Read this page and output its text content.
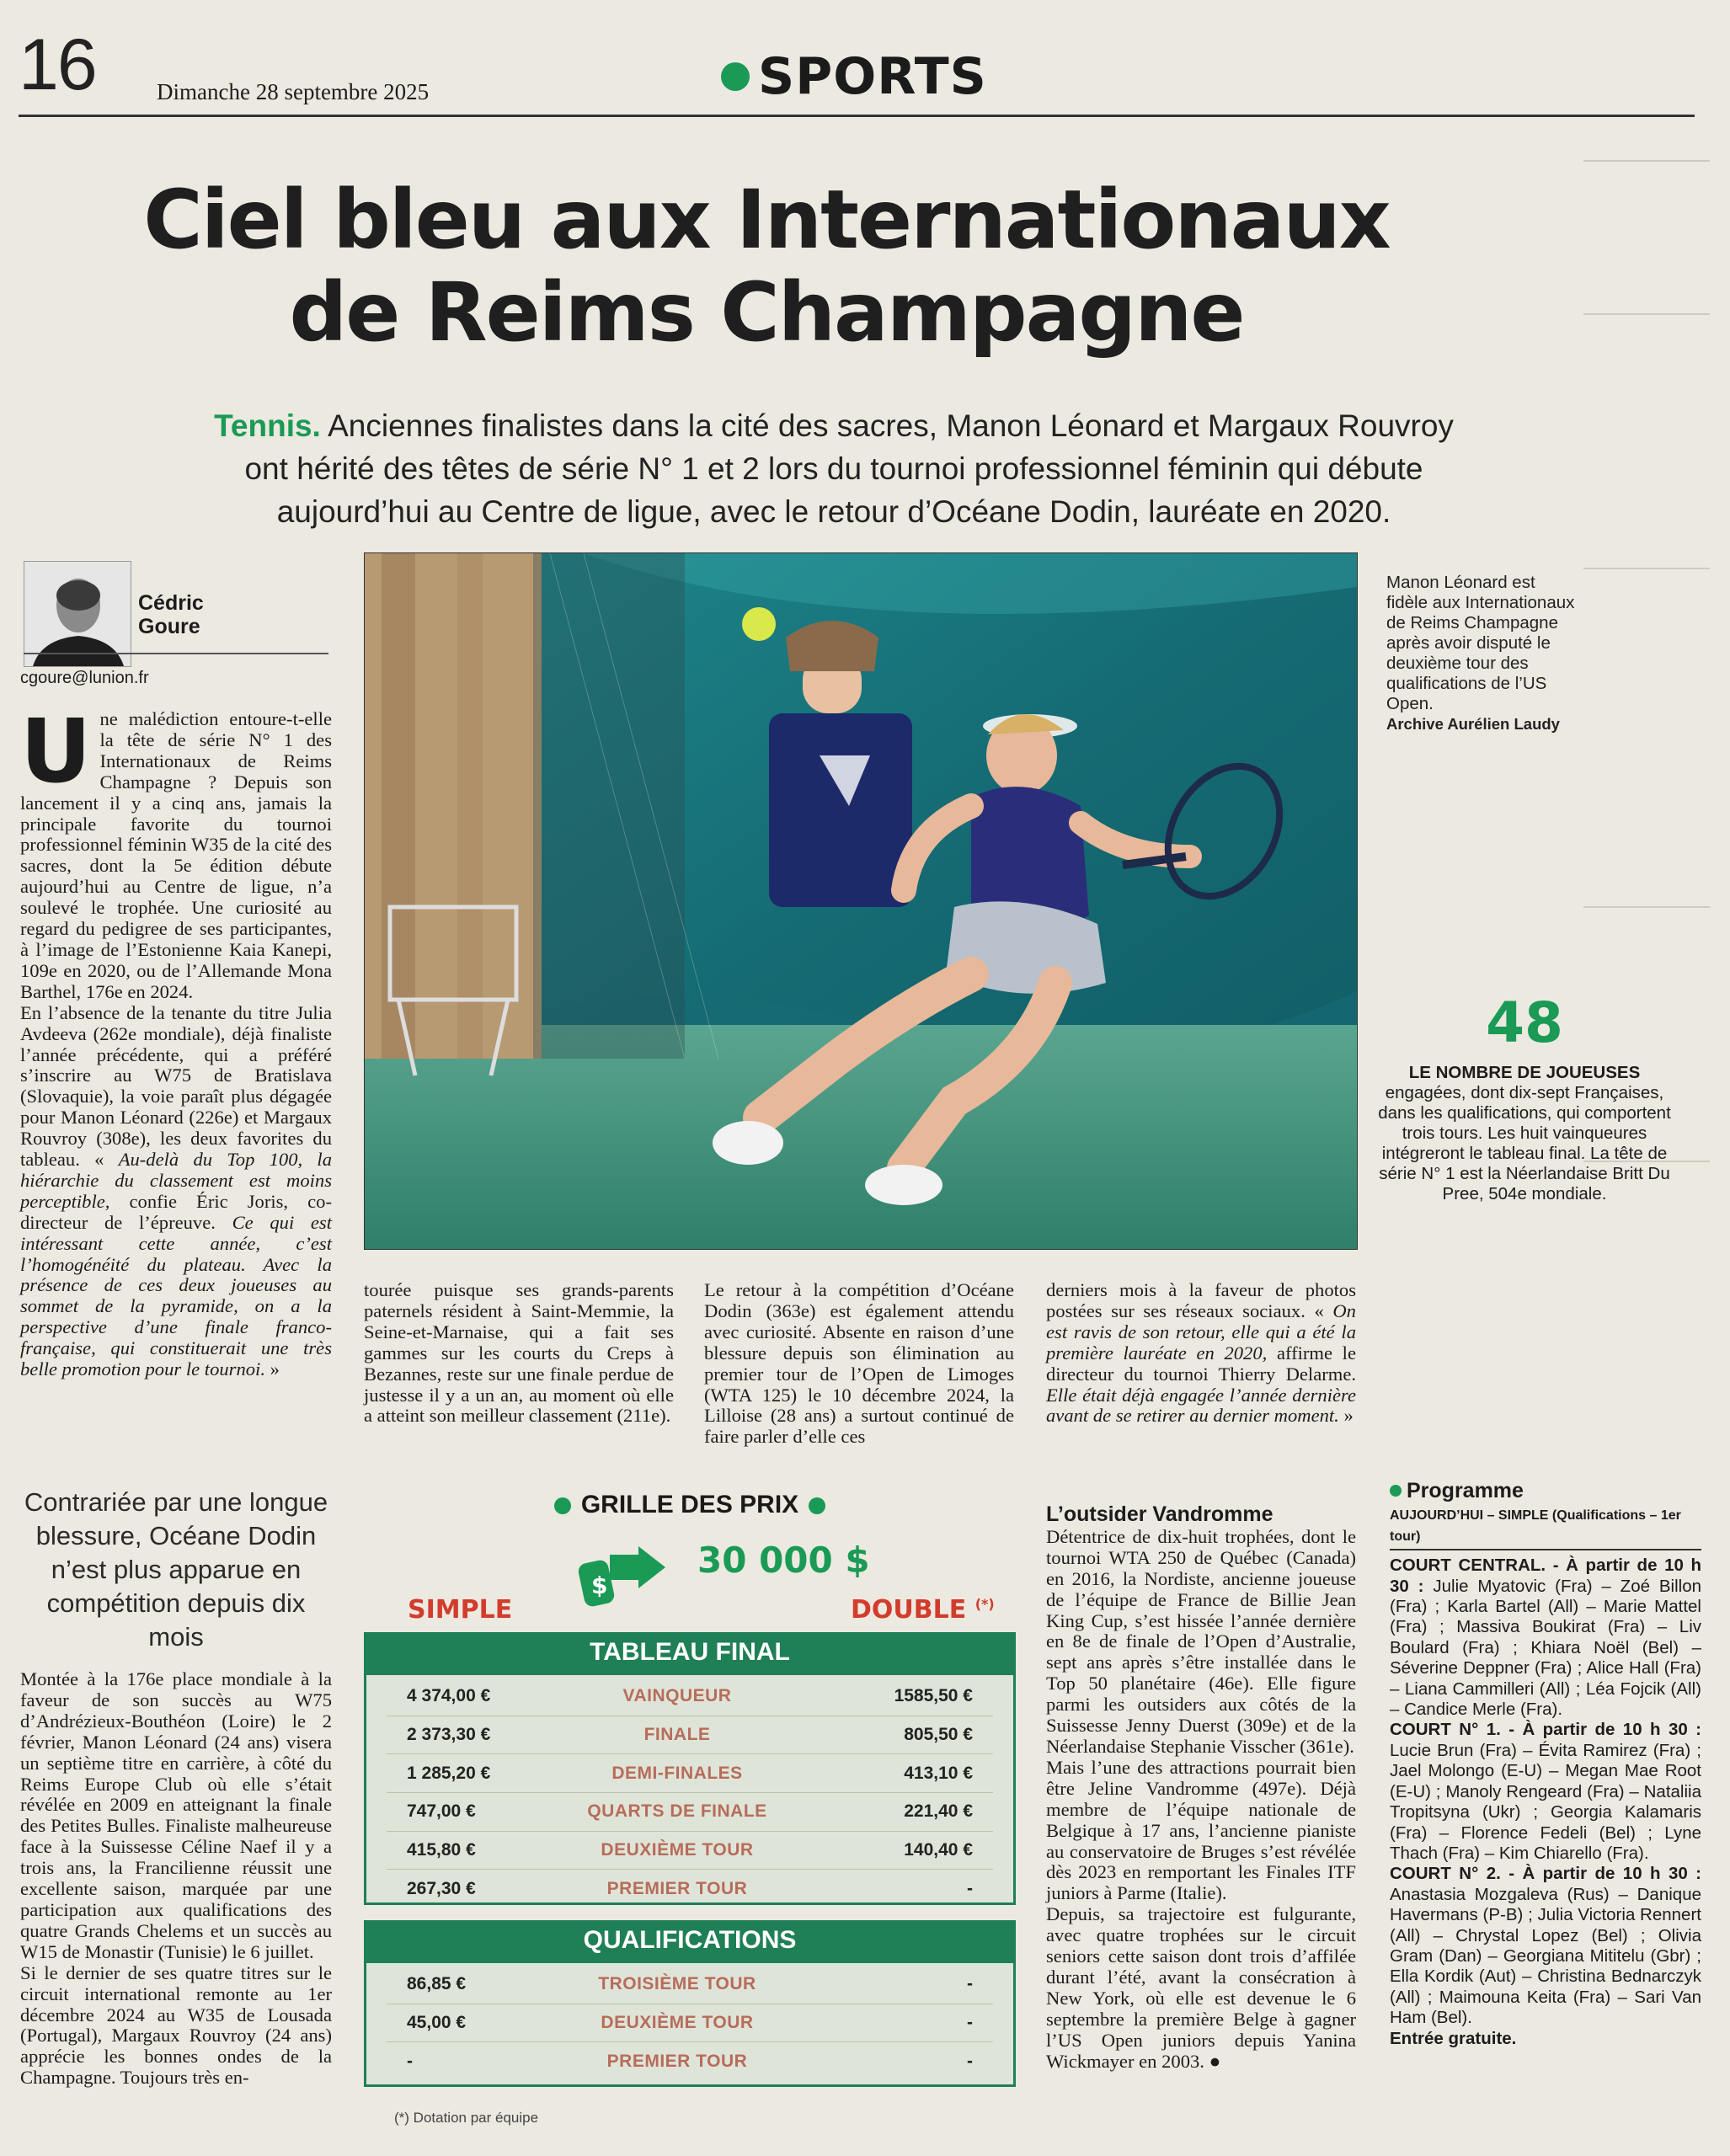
16	Dimanche 28 septembre 2025	SPORTS
Ciel bleu aux Internationaux
de Reims Champagne
Tennis. Anciennes finalistes dans la cité des sacres, Manon Léonard et Margaux Rouvroy ont hérité des têtes de série N° 1 et 2 lors du tournoi professionnel féminin qui débute aujourd’hui au Centre de ligue, avec le retour d’Océane Dodin, lauréate en 2020.
Cédric
Goure
cgoure@lunion.fr
U ne malédiction entoure-t-elle la tête de série N° 1 des Internationaux de Reims Champagne ? Depuis son lancement il y a cinq ans, jamais la principale favorite du tournoi professionnel féminin W35 de la cité des sacres, dont la 5e édition débute aujourd’hui au Centre de ligue, n’a soulevé le trophée. Une curiosité au regard du pedigree de ses participantes, à l’image de l’Estonienne Kaia Kanepi, 109e en 2020, ou de l’Allemande Mona Barthel, 176e en 2024.

En l’absence de la tenante du titre Julia Avdeeva (262e mondiale), déjà finaliste l’année précédente, qui a préféré s’inscrire au W75 de Bratislava (Slovaquie), la voie paraît plus dégagée pour Manon Léonard (226e) et Margaux Rouvroy (308e), les deux favorites du tableau. « Au-delà du Top 100, la hiérarchie du classement est moins perceptible, confie Éric Joris, co-directeur de l’épreuve. Ce qui est intéressant cette année, c’est l’homogénéité du plateau. Avec la présence de ces deux joueuses au sommet de la pyramide, on a la perspective d’une finale franco-française, qui constituerait une très belle promotion pour le tournoi. »

Contrariée par une longue blessure, Océane Dodin n’est plus apparue en compétition depuis dix mois

Montée à la 176e place mondiale à la faveur de son succès au W75 d’Andrézieux-Bouthéon (Loire) le 2 février, Manon Léonard (24 ans) visera un septième titre en carrière, à côté du Reims Europe Club où elle s’était révélée en 2009 en atteignant la finale des Petites Bulles. Finaliste malheureuse face à la Suissesse Céline Naef il y a trois ans, la Francilienne réussit une excellente saison, marquée par une participation aux qualifications des quatre Grands Chelems et un succès au W15 de Monastir (Tunisie) le 6 juillet.

Si le dernier de ses quatre titres sur le circuit international remonte au 1er décembre 2024 au W35 de Lousada (Portugal), Margaux Rouvroy (24 ans) apprécie les bonnes ondes de la Champagne. Toujours très en-

Manon Léonard est fidèle aux Internationaux de Reims Champagne après avoir disputé le deuxième tour des qualifications de l’US Open.
Archive Aurélien Laudy
48
LE NOMBRE DE JOUEUSES
engagées, dont dix-sept Françaises, dans les qualifications, qui comportent trois tours. Les huit vainqueures intégreront le tableau final. La tête de série N° 1 est la Néerlandaise Britt Du Pree, 504e mondiale.

tourée puisque ses grands-parents paternels résident à Saint-Memmie, la Seine-et-Marnaise, qui a fait ses gammes sur les courts du Creps à Bezannes, reste sur une finale perdue de justesse il y a un an, au moment où elle a atteint son meilleur classement (211e).

Le retour à la compétition d’Océane Dodin (363e) est également attendu avec curiosité. Absente en raison d’une blessure depuis son élimination au premier tour de l’Open de Limoges (WTA 125) le 10 décembre 2024, la Lilloise (28 ans) a surtout continué de faire parler d’elle ces

derniers mois à la faveur de photos postées sur ses réseaux sociaux. « On est ravis de son retour, elle qui a été la première lauréate en 2020, affirme le directeur du tournoi Thierry Delarme. Elle était déjà engagée l’année dernière avant de se retirer au dernier moment. »

L’outsider Vandromme

Détentrice de dix-huit trophées, dont le tournoi WTA 250 de Québec (Canada) en 2016, la Nordiste, ancienne joueuse de l’équipe de France de Billie Jean King Cup, s’est hissée l’année dernière en 8e de finale de l’Open d’Australie, sept ans après s’être installée dans le Top 50 planétaire (46e). Elle figure parmi les outsiders aux côtés de la Suissesse Jenny Duerst (309e) et de la Néerlandaise Stephanie Visscher (361e).

Mais l’une des attractions pourrait bien être Jeline Vandromme (497e). Déjà membre de l’équipe nationale de Belgique à 17 ans, l’ancienne pianiste au conservatoire de Bruges s’est révélée dès 2023 en remportant les Finales ITF juniors à Parme (Italie).

Depuis, sa trajectoire est fulgurante, avec quatre trophées sur le circuit seniors cette saison dont trois d’affilée durant l’été, avant la consécration à New York, où elle est devenue le 6 septembre la première Belge à gagner l’US Open juniors depuis Yanina Wickmayer en 2003. ●

GRILLE DES PRIX
$
30 000 $
SIMPLE	DOUBLE (*)
TABLEAU FINAL
4 374,00 €	VAINQUEUR	1585,50 €
2 373,30 €	FINALE	805,50 €
1 285,20 €	DEMI-FINALES	413,10 €
747,00 €	QUARTS DE FINALE	221,40 €
415,80 €	DEUXIÈME TOUR	140,40 €
267,30 €	PREMIER TOUR	-
QUALIFICATIONS
86,85 €	TROISIÈME TOUR	-
45,00 €	DEUXIÈME TOUR	-
-	PREMIER TOUR	-
(*) Dotation par équipe
Programme
AUJOURD’HUI – SIMPLE (Qualifications – 1er tour)

COURT CENTRAL. - À partir de 10 h 30 : Julie Myatovic (Fra) – Zoé Billon (Fra) ; Karla Bartel (All) – Marie Mattel (Fra) ; Massiva Boukirat (Fra) – Liv Boulard (Fra) ; Khiara Noël (Bel) – Séverine Deppner (Fra) ; Alice Hall (Fra) – Liana Cammilleri (All) ; Léa Fojcik (All) – Candice Merle (Fra).

COURT N° 1. - À partir de 10 h 30 : Lucie Brun (Fra) – Évita Ramirez (Fra) ; Jael Molongo (E-U) – Megan Mae Root (E-U) ; Manoly Rengeard (Fra) – Nataliia Tropitsyna (Ukr) ; Georgia Kalamaris (Fra) – Florence Fedeli (Bel) ; Lyne Thach (Fra) – Kim Chiarello (Fra).

COURT N° 2. - À partir de 10 h 30 : Anastasia Mozgaleva (Rus) – Danique Havermans (P-B) ; Julia Victoria Rennert (All) – Chrystal Lopez (Bel) ; Olivia Gram (Dan) – Georgiana Mititelu (Gbr) ; Ella Kordik (Aut) – Christina Bednarczyk (All) ; Maimouna Keita (Fra) – Sari Van Ham (Bel).

Entrée gratuite.
